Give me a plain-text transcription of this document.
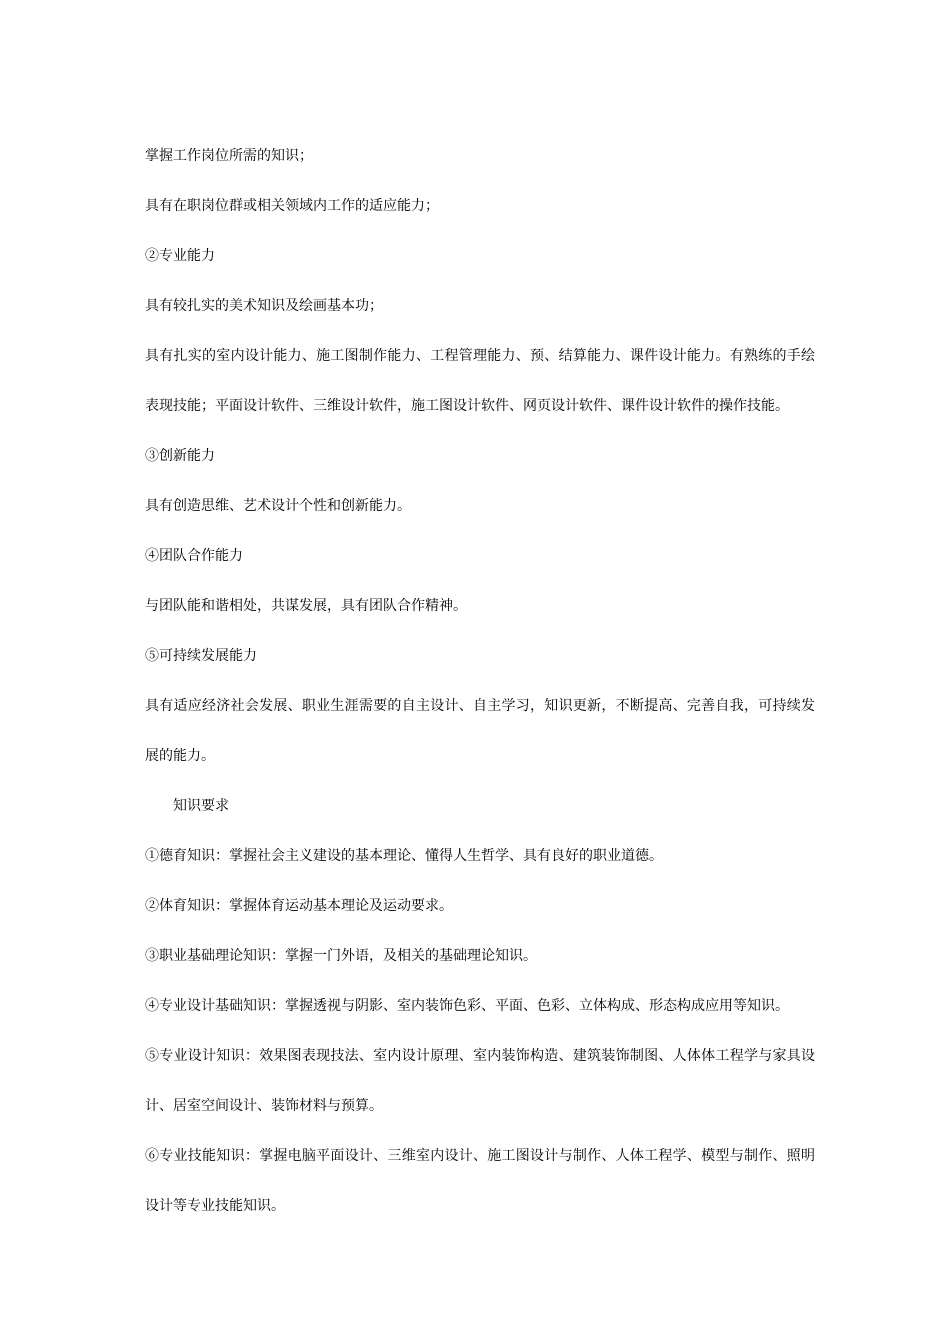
掌握工作岗位所需的知识；

具有在职岗位群或相关领域内工作的适应能力；

②专业能力

具有较扎实的美术知识及绘画基本功；

具有扎实的室内设计能力、施工图制作能力、工程管理能力、预、结算能力、课件设计能力。有熟练的手绘表现技能；平面设计软件、三维设计软件，施工图设计软件、网页设计软件、课件设计软件的操作技能。

③创新能力

具有创造思维、艺术设计个性和创新能力。

④团队合作能力

与团队能和谐相处，共谋发展，具有团队合作精神。

⑤可持续发展能力

具有适应经济社会发展、职业生涯需要的自主设计、自主学习，知识更新，不断提高、完善自我，可持续发展的能力。

知识要求

①德育知识：掌握社会主义建设的基本理论、懂得人生哲学、具有良好的职业道德。

②体育知识：掌握体育运动基本理论及运动要求。

③职业基础理论知识：掌握一门外语，及相关的基础理论知识。

④专业设计基础知识：掌握透视与阴影、室内装饰色彩、平面、色彩、立体构成、形态构成应用等知识。

⑤专业设计知识：效果图表现技法、室内设计原理、室内装饰构造、建筑装饰制图、人体体工程学与家具设计、居室空间设计、装饰材料与预算。

⑥专业技能知识：掌握电脑平面设计、三维室内设计、施工图设计与制作、人体工程学、模型与制作、照明设计等专业技能知识。
